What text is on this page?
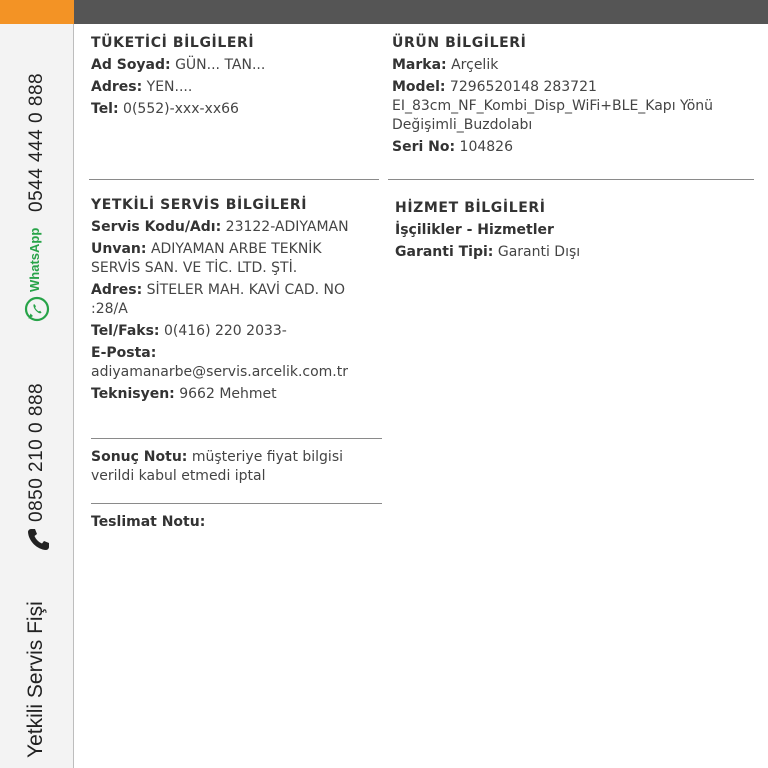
0544 444 0 888
WhatsApp
0850 210 0 888
Yetkili Servis Fişi
TÜKETİCİ BİLGİLERİ
Ad Soyad: GÜN... TAN...
Adres: YEN....
Tel: 0(552)-xxx-xx66
ÜRÜN BİLGİLERİ
Marka: Arçelik
Model: 7296520148 283721
EI_83cm_NF_Kombi_Disp_WiFi+BLE_Kapı Yönü
Değişimli_Buzdolabı
Seri No: 104826
YETKİLİ SERVİS BİLGİLERİ
Servis Kodu/Adı: 23122-ADIYAMAN
Unvan: ADIYAMAN ARBE TEKNİK
SERVİS SAN. VE TİC. LTD. ŞTİ.
Adres: SİTELER MAH. KAVİ CAD. NO
:28/A
Tel/Faks: 0(416) 220 2033-
E-Posta:
adiyamanarbe@servis.arcelik.com.tr
Teknisyen: 9662 Mehmet
HİZMET BİLGİLERİ
İşçilikler - Hizmetler
Garanti Tipi: Garanti Dışı
Sonuç Notu: müşteriye fiyat bilgisi
verildi kabul etmedi iptal
Teslimat Notu:
